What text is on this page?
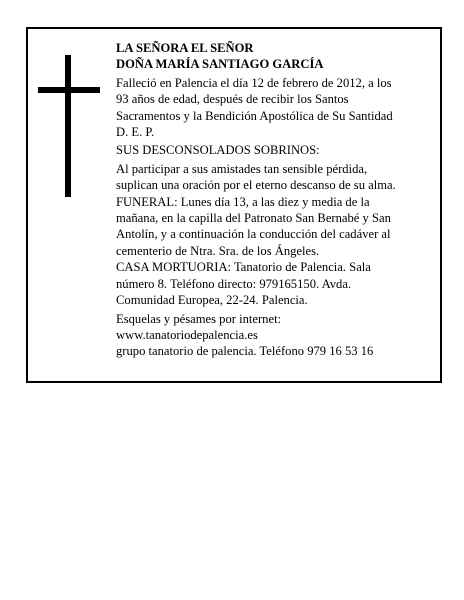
LA SEÑORA EL SEÑOR
DOÑA MARÍA SANTIAGO GARCÍA
Falleció en Palencia el día 12 de febrero de 2012, a los
93 años de edad, después de recibir los Santos
Sacramentos y la Bendición Apostólica de Su Santidad
D. E. P.
SUS DESCONSOLADOS SOBRINOS:
Al participar a sus amistades tan sensible pérdida,
suplican una oración por el eterno descanso de su alma.
FUNERAL: Lunes día 13, a las diez y media de la
mañana, en la capilla del Patronato San Bernabé y San
Antolín, y a continuación la conducción del cadáver al
cementerio de Ntra. Sra. de los Ángeles.
CASA MORTUORIA: Tanatorio de Palencia. Sala
número 8. Teléfono directo: 979165150. Avda.
Comunidad Europea, 22-24. Palencia.
Esquelas y pésames por internet:
www.tanatoriodepalencia.es
grupo tanatorio de palencia. Teléfono 979 16 53 16
